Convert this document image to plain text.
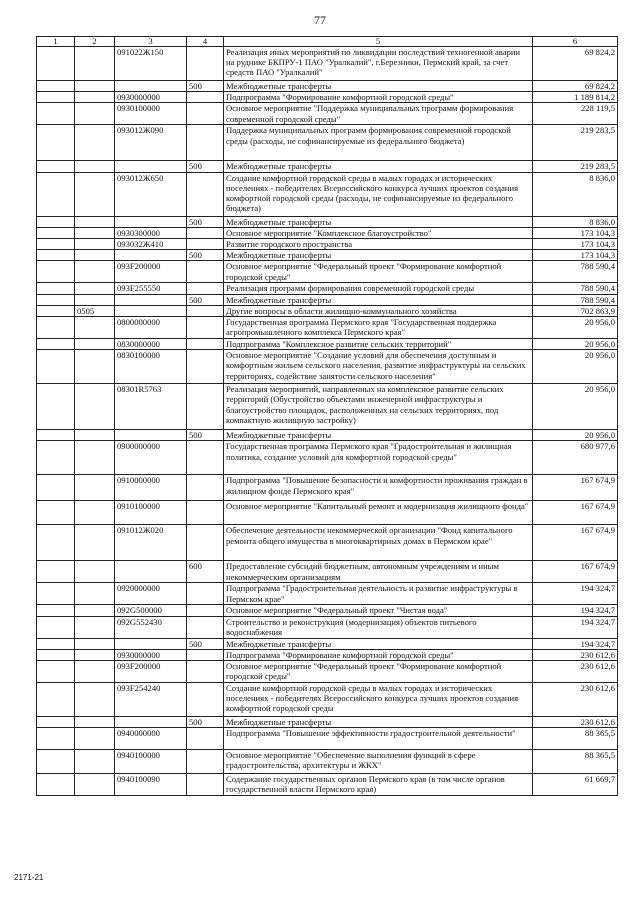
77
1	2	3	4	5	6
		091022Ж150		Реализация иных мероприятий по ликвидации последствий техногенной аварии на руднике БКПРУ-1 ПАО "Уралкалий", г.Березники, Пермский край, за счет средств ПАО "Уралкалий"	69 824,2
			500	Межбюджетные трансферты	69 824,2
		0930000000		Подпрограмма "Формирование комфортной городской среды"	1 189 814,2
		0930100000		Основное мероприятие "Поддержка муниципальных программ формирования современной городской среды"	228 119,5
		093012Ж090		Поддержка муниципальных программ формирования современной городской среды (расходы, не софинансируемые из федерального бюджета)	219 283,5
			500	Межбюджетные трансферты	219 283,5
		093012Ж650		Создание комфортной городской среды в малых городах и исторических поселениях - победителях Всероссийского конкурса лучших проектов создания комфортной городской среды (расходы, не софинансируемые из федерального бюджета)	8 836,0
			500	Межбюджетные трансферты	8 836,0
		0930300000		Основное мероприятие "Комплексное благоустройство"	173 104,3
		093032Ж410		Развитие городского пространства	173 104,3
			500	Межбюджетные трансферты	173 104,3
		093F200000		Основное мероприятие "Федеральный проект "Формирование комфортной городской среды"	788 590,4
		093F255550		Реализация программ формирования современной городской среды	788 590,4
			500	Межбюджетные трансферты	788 590,4
	0505			Другие вопросы в области жилищно-коммунального хозяйства	702 863,9
		0800000000		Государственная программа Пермского края "Государственная поддержка агропромышленного комплекса Пермского края"	20 956,0
		0830000000		Подпрограмма "Комплексное развитие сельских территорий"	20 956,0
		0830100000		Основное мероприятие "Создание условий для обеспечения доступным и комфортным жильем сельского населения, развитие инфраструктуры на сельских территориях, содействие занятости сельского населения"	20 956,0
		08301R5763		Реализация мероприятий, направленных на комплексное развитие сельских территорий (Обустройство объектами инженерной инфраструктуры и благоустройство площадок, расположенных на сельских территориях, под компактную жилищную застройку)	20 956,0
			500	Межбюджетные трансферты	20 956,0
		0900000000		Государственная программа Пермского края "Градостроительная и жилищная политика, создание условий для комфортной городской среды"	680 977,6
		0910000000		Подпрограмма "Повышение безопасности и комфортности проживания граждан в жилищном фонде Пермского края"	167 674,9
		0910100000		Основное мероприятие "Капитальный ремонт и модернизация жилищного фонда"	167 674,9
		091012Ж020		Обеспечение деятельности некоммерческой организации "Фонд капитального ремонта общего имущества в многоквартирных домах в Пермском крае"	167 674,9
			600	Предоставление субсидий бюджетным, автономным учреждениям и иным некоммерческим организациям	167 674,9
		0920000000		Подпрограмма "Градостроительная деятельность и развитие инфраструктуры в Пермском крае"	194 324,7
		092G500000		Основное мероприятие "Федеральный проект "Чистая вода"	194 324,7
		092G552430		Строительство и реконструкция (модернизация) объектов питьевого водоснабжения	194 324,7
			500	Межбюджетные трансферты	194 324,7
		0930000000		Подпрограмма "Формирование комфортной городской среды"	230 612,6
		093F200000		Основное мероприятие "Федеральный проект "Формирование комфортной городской среды"	230 612,6
		093F254240		Создание комфортной городской среды в малых городах и исторических поселениях - победителях Всероссийского конкурса лучших проектов создания комфортной городской среды	230 612,6
			500	Межбюджетные трансферты	230 612,6
		0940000000		Подпрограмма "Повышение эффективности градостроительной деятельности"	88 365,5
		0940100000		Основное мероприятие "Обеспечение выполнения функций в сфере градостроительства, архитектуры и ЖКХ"	88 365,5
		0940100090		Содержание государственных органов Пермского края (в том числе органов государственной власти Пермского края)	61 669,7
2171-21
